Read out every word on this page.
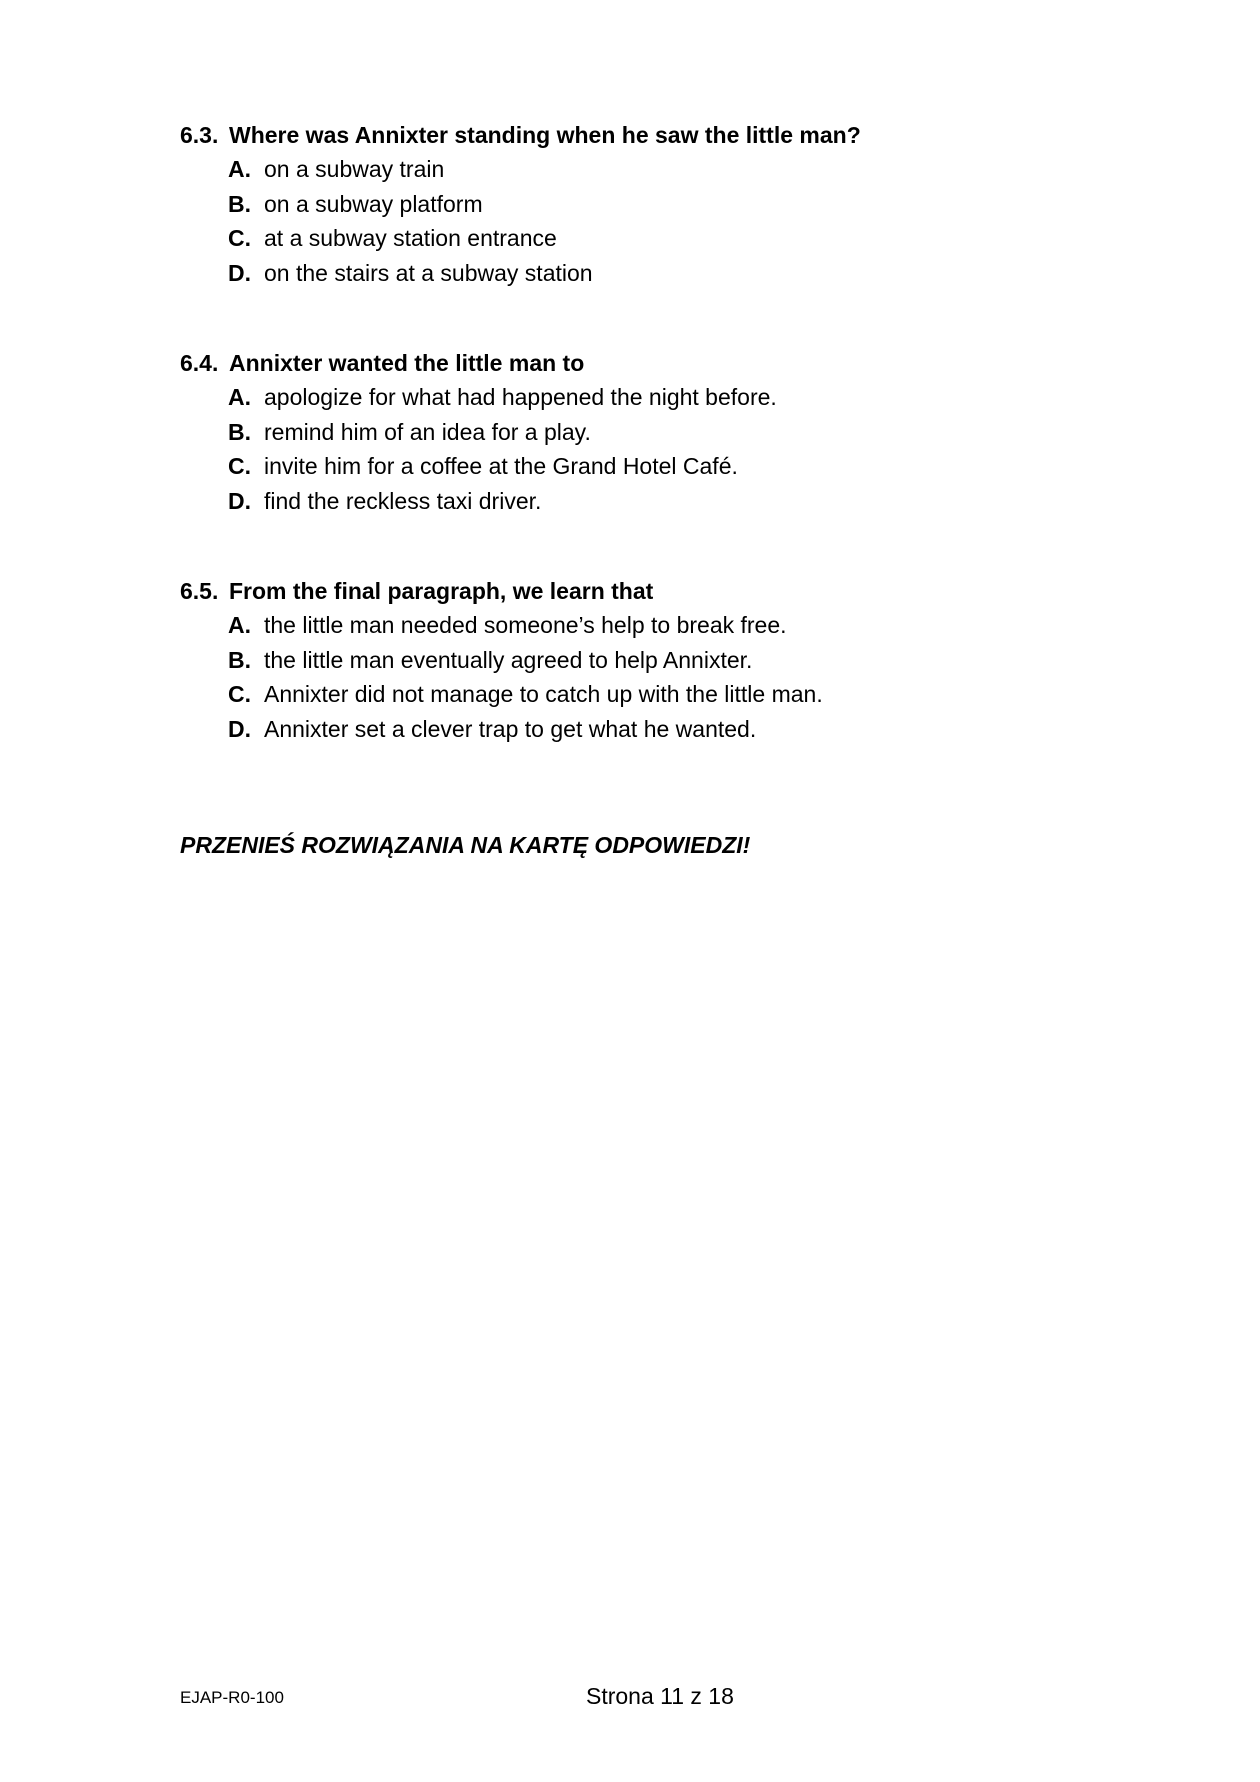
6.3. Where was Annixter standing when he saw the little man?
A. on a subway train
B. on a subway platform
C. at a subway station entrance
D. on the stairs at a subway station
6.4. Annixter wanted the little man to
A. apologize for what had happened the night before.
B. remind him of an idea for a play.
C. invite him for a coffee at the Grand Hotel Café.
D. find the reckless taxi driver.
6.5. From the final paragraph, we learn that
A. the little man needed someone’s help to break free.
B. the little man eventually agreed to help Annixter.
C. Annixter did not manage to catch up with the little man.
D. Annixter set a clever trap to get what he wanted.
PRZENIEŚ ROZWIĄZANIA NA KARTĘ ODPOWIEDZI!
EJAP-R0-100	Strona 11 z 18
